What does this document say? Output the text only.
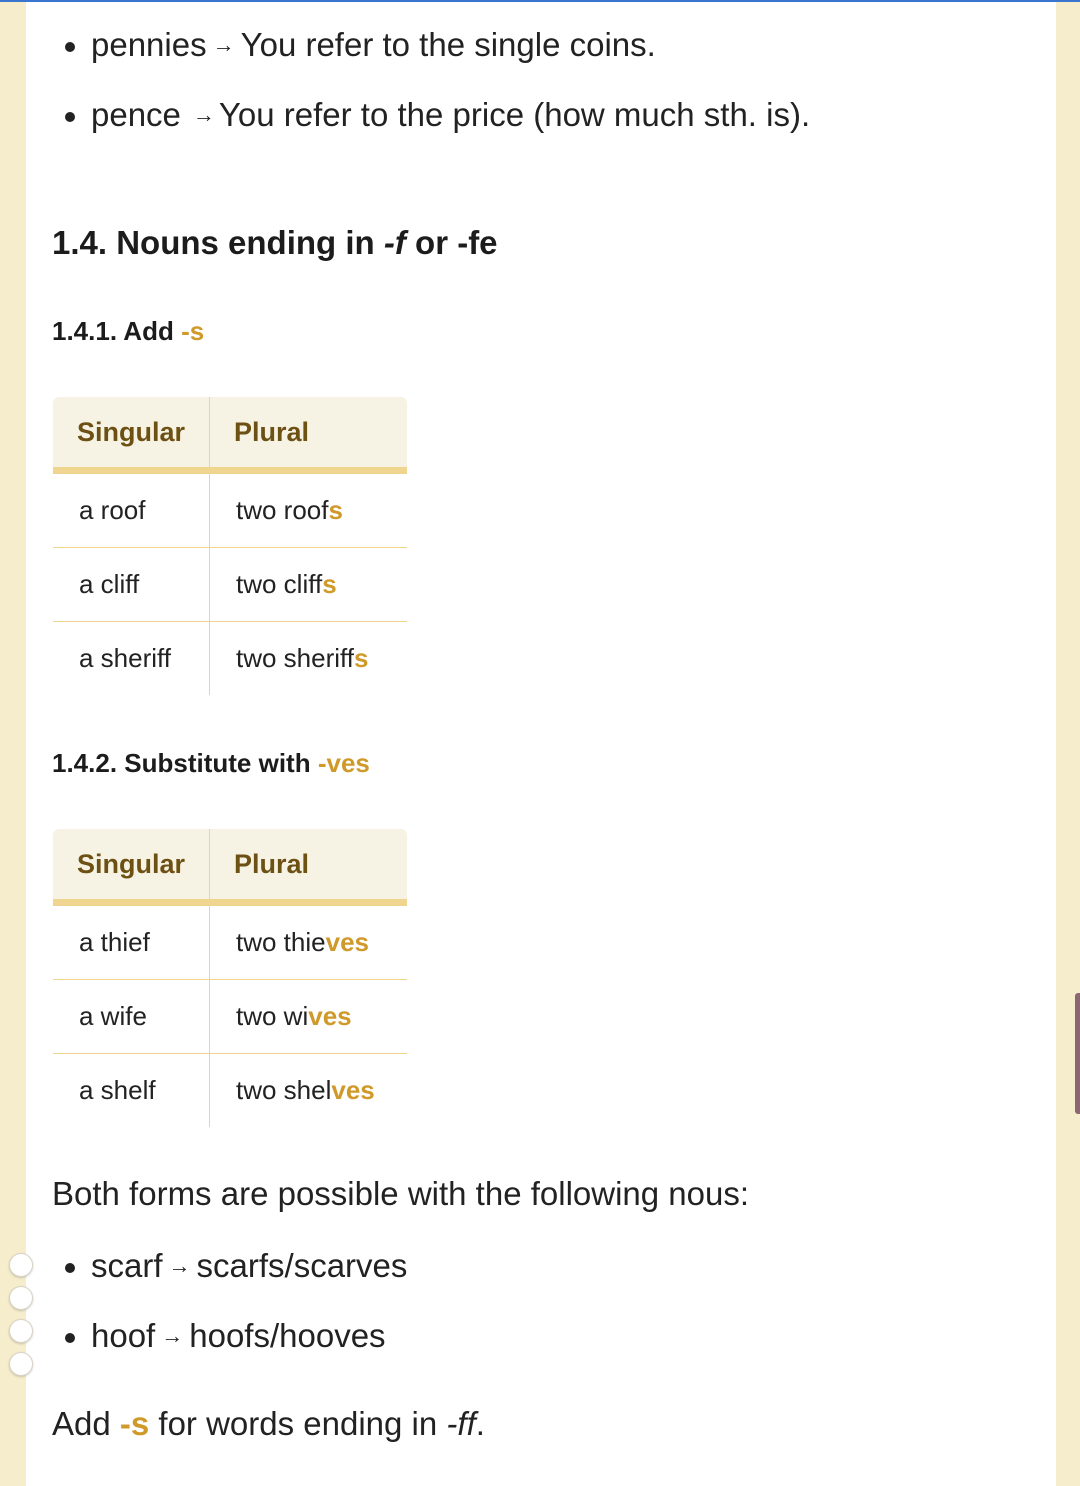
pennies → You refer to the single coins.
pence → You refer to the price (how much sth. is).
1.4. Nouns ending in -f or -fe
1.4.1. Add -s
Singular	Plural
a roof	two roofs
a cliff	two cliffs
a sheriff	two sheriffs
1.4.2. Substitute with -ves
Singular	Plural
a thief	two thieves
a wife	two wives
a shelf	two shelves

Both forms are possible with the following nous:

scarf → scarfs/scarves
hoof → hoofs/hooves

Add -s for words ending in -ff.
